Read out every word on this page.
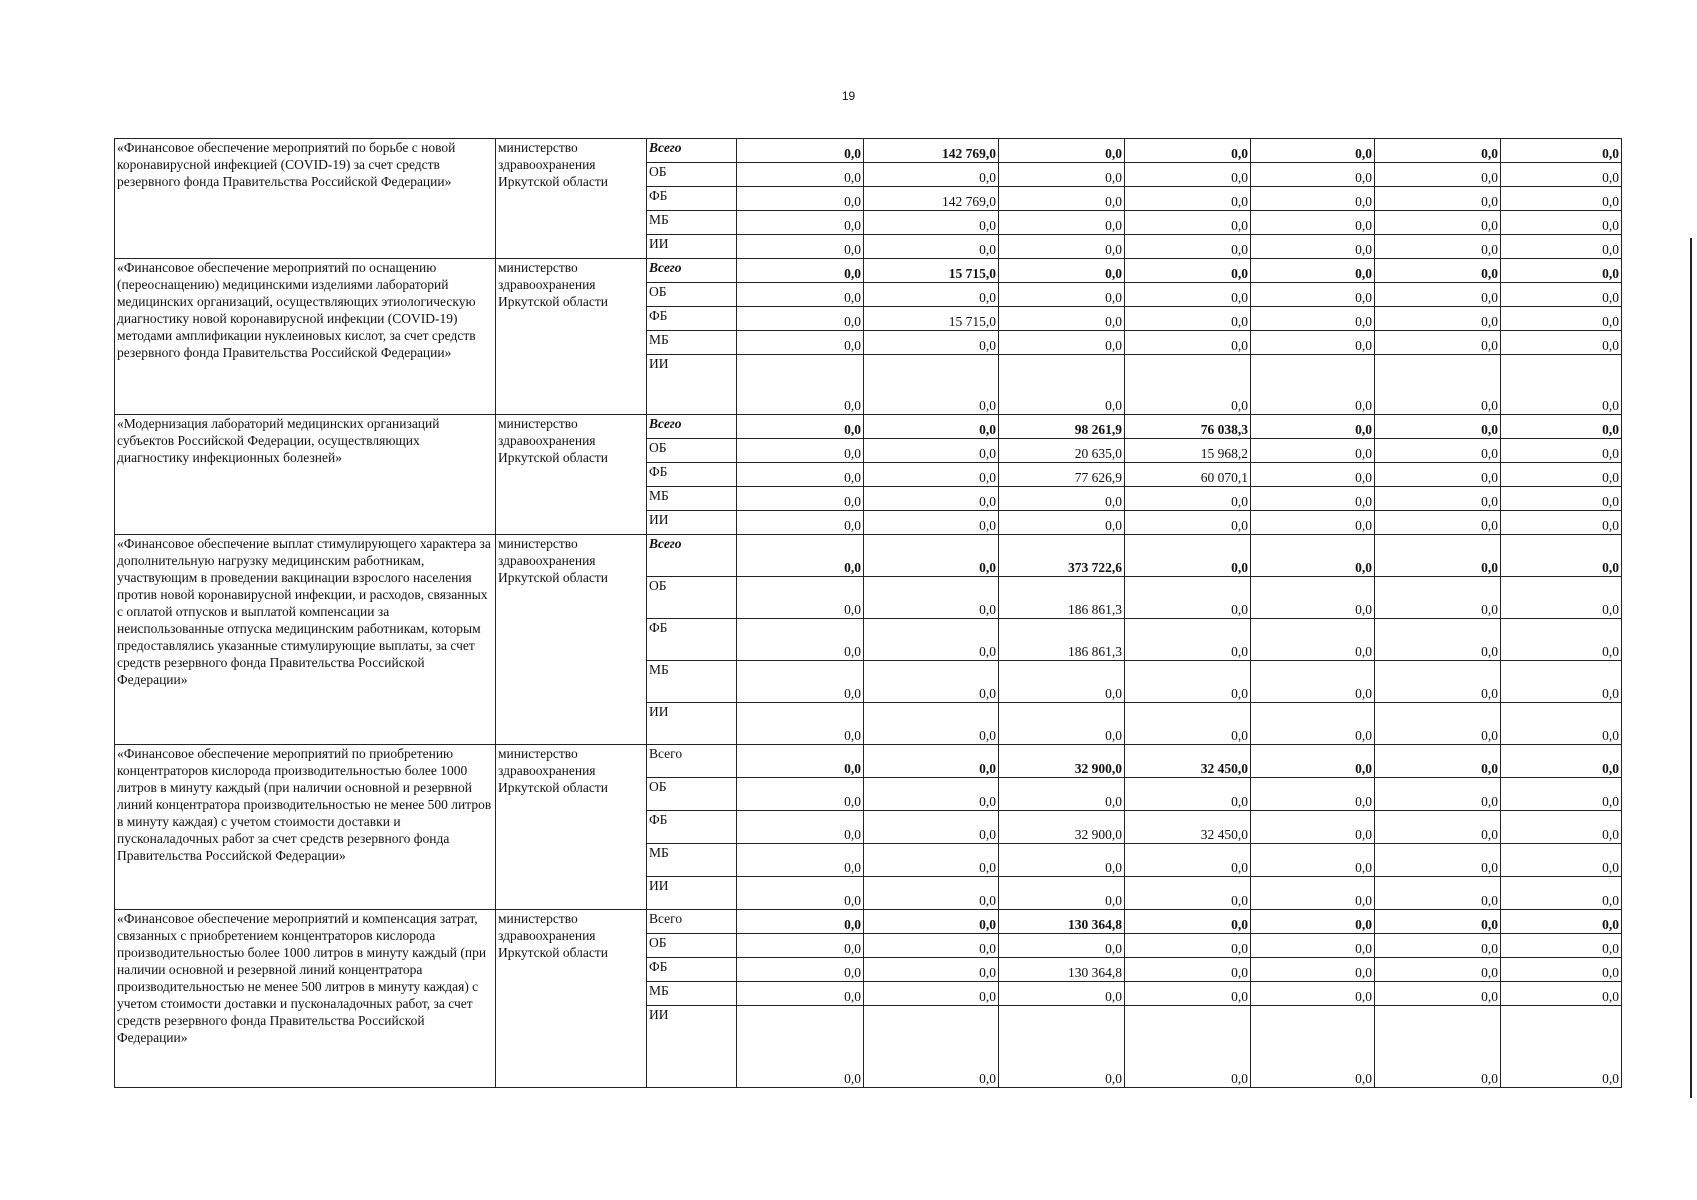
19
«Финансовое обеспечение мероприятий по борьбе с новой коронавирусной инфекцией (COVID-19) за счет средств резервного фонда Правительства Российской Федерации»	министерство здравоохранения Иркутской области	Всего	0,0	142 769,0	0,0	0,0	0,0	0,0	0,0
		ОБ	0,0	0,0	0,0	0,0	0,0	0,0	0,0
		ФБ	0,0	142 769,0	0,0	0,0	0,0	0,0	0,0
		МБ	0,0	0,0	0,0	0,0	0,0	0,0	0,0
		ИИ	0,0	0,0	0,0	0,0	0,0	0,0	0,0
«Финансовое обеспечение мероприятий по оснащению (переоснащению) медицинскими изделиями лабораторий медицинских организаций, осуществляющих этиологическую диагностику новой коронавирусной инфекции (COVID-19) методами амплификации нуклеиновых кислот, за счет средств резервного фонда Правительства Российской Федерации»	министерство здравоохранения Иркутской области	Всего	0,0	15 715,0	0,0	0,0	0,0	0,0	0,0
		ОБ	0,0	0,0	0,0	0,0	0,0	0,0	0,0
		ФБ	0,0	15 715,0	0,0	0,0	0,0	0,0	0,0
		МБ	0,0	0,0	0,0	0,0	0,0	0,0	0,0
		ИИ	0,0	0,0	0,0	0,0	0,0	0,0	0,0
«Модернизация лабораторий медицинских организаций субъектов Российской Федерации, осуществляющих диагностику инфекционных болезней»	министерство здравоохранения Иркутской области	Всего	0,0	0,0	98 261,9	76 038,3	0,0	0,0	0,0
		ОБ	0,0	0,0	20 635,0	15 968,2	0,0	0,0	0,0
		ФБ	0,0	0,0	77 626,9	60 070,1	0,0	0,0	0,0
		МБ	0,0	0,0	0,0	0,0	0,0	0,0	0,0
		ИИ	0,0	0,0	0,0	0,0	0,0	0,0	0,0
«Финансовое обеспечение выплат стимулирующего характера за дополнительную нагрузку медицинским работникам, участвующим в проведении вакцинации взрослого населения против новой коронавирусной инфекции, и расходов, связанных с оплатой отпусков и выплатой компенсации за неиспользованные отпуска медицинским работникам, которым предоставлялись указанные стимулирующие выплаты, за счет средств резервного фонда Правительства Российской Федерации»	министерство здравоохранения Иркутской области	Всего	0,0	0,0	373 722,6	0,0	0,0	0,0	0,0
		ОБ	0,0	0,0	186 861,3	0,0	0,0	0,0	0,0
		ФБ	0,0	0,0	186 861,3	0,0	0,0	0,0	0,0
		МБ	0,0	0,0	0,0	0,0	0,0	0,0	0,0
		ИИ	0,0	0,0	0,0	0,0	0,0	0,0	0,0
«Финансовое обеспечение мероприятий по приобретению концентраторов кислорода производительностью более 1000 литров в минуту каждый (при наличии основной и резервной линий концентратора производительностью не менее 500 литров в минуту каждая) с учетом стоимости доставки и пусконаладочных работ за счет средств резервного фонда Правительства Российской Федерации»	министерство здравоохранения Иркутской области	Всего	0,0	0,0	32 900,0	32 450,0	0,0	0,0	0,0
		ОБ	0,0	0,0	0,0	0,0	0,0	0,0	0,0
		ФБ	0,0	0,0	32 900,0	32 450,0	0,0	0,0	0,0
		МБ	0,0	0,0	0,0	0,0	0,0	0,0	0,0
		ИИ	0,0	0,0	0,0	0,0	0,0	0,0	0,0
«Финансовое обеспечение мероприятий и компенсация затрат, связанных с приобретением концентраторов кислорода производительностью более 1000 литров в минуту каждый (при наличии основной и резервной линий концентратора производительностью не менее 500 литров в минуту каждая) с учетом стоимости доставки и пусконаладочных работ, за счет средств резервного фонда Правительства Российской Федерации»	министерство здравоохранения Иркутской области	Всего	0,0	0,0	130 364,8	0,0	0,0	0,0	0,0
		ОБ	0,0	0,0	0,0	0,0	0,0	0,0	0,0
		ФБ	0,0	0,0	130 364,8	0,0	0,0	0,0	0,0
		МБ	0,0	0,0	0,0	0,0	0,0	0,0	0,0
		ИИ	0,0	0,0	0,0	0,0	0,0	0,0	0,0
